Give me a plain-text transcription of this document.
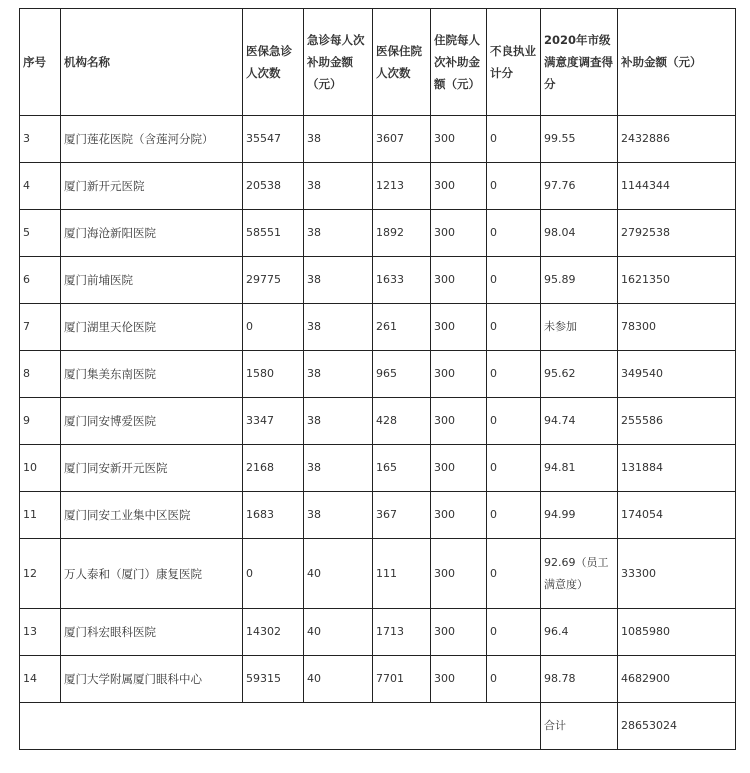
序号	机构名称	医保急诊人次数	急诊每人次补助金额（元）	医保住院人次数	住院每人次补助金额（元）	不良执业计分	2020年市级满意度调查得分	补助金额（元）
3	厦门莲花医院（含莲河分院）	35547	38	3607	300	0	99.55	2432886
4	厦门新开元医院	20538	38	1213	300	0	97.76	1144344
5	厦门海沧新阳医院	58551	38	1892	300	0	98.04	2792538
6	厦门前埔医院	29775	38	1633	300	0	95.89	1621350
7	厦门湖里天伦医院	0	38	261	300	0	未参加	78300
8	厦门集美东南医院	1580	38	965	300	0	95.62	349540
9	厦门同安博爱医院	3347	38	428	300	0	94.74	255586
10	厦门同安新开元医院	2168	38	165	300	0	94.81	131884
11	厦门同安工业集中区医院	1683	38	367	300	0	94.99	174054
12	万人泰和（厦门）康复医院	0	40	111	300	0	92.69（员工满意度）	33300
13	厦门科宏眼科医院	14302	40	1713	300	0	96.4	1085980
14	厦门大学附属厦门眼科中心	59315	40	7701	300	0	98.78	4682900
							合计	28653024
